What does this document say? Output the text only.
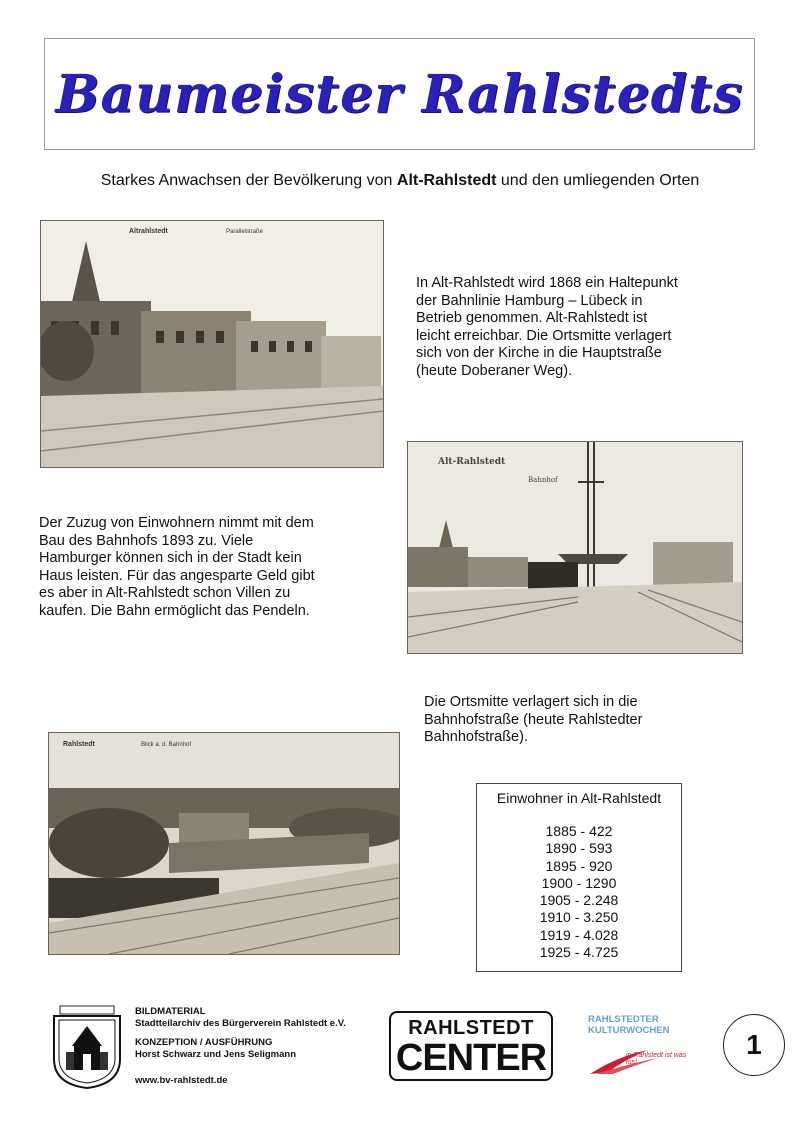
Baumeister Rahlstedts
Starkes Anwachsen der Bevölkerung von Alt-Rahlstedt und den umliegenden Orten
Altrahlstedt	Parallelstraße
In Alt-Rahlstedt wird 1868 ein Haltepunkt
der Bahnlinie Hamburg – Lübeck in
Betrieb genommen. Alt-Rahlstedt ist
leicht erreichbar. Die Ortsmitte verlagert
sich von der Kirche in die Hauptstraße
(heute Doberaner Weg).
Alt-Rahlstedt
Bahnhof
Der Zuzug von Einwohnern nimmt mit dem
Bau des Bahnhofs 1893 zu. Viele
Hamburger können sich in der Stadt kein
Haus leisten. Für das angesparte Geld gibt
es aber in Alt-Rahlstedt schon Villen zu
kaufen. Die Bahn ermöglicht das Pendeln.
Die Ortsmitte verlagert sich in die
Bahnhofstraße (heute Rahlstedter
Bahnhofstraße).
Rahlstedt	Blick a. d. Bahnhof
Einwohner in Alt-Rahlstedt
1885 - 422
1890 - 593
1895 - 920
1900 - 1290
1905 - 2.248
1910 - 3.250
1919 - 4.028
1925 - 4.725
BILDMATERIAL
Stadtteilarchiv des Bürgerverein Rahlstedt e.V.
KONZEPTION / AUSFÜHRUNG
Horst Schwarz und Jens Seligmann
www.bv-rahlstedt.de
RAHLSTEDT
CENTER
RAHLSTEDTER
KULTURWOCHEN
in Rahlstedt ist was los!
1
